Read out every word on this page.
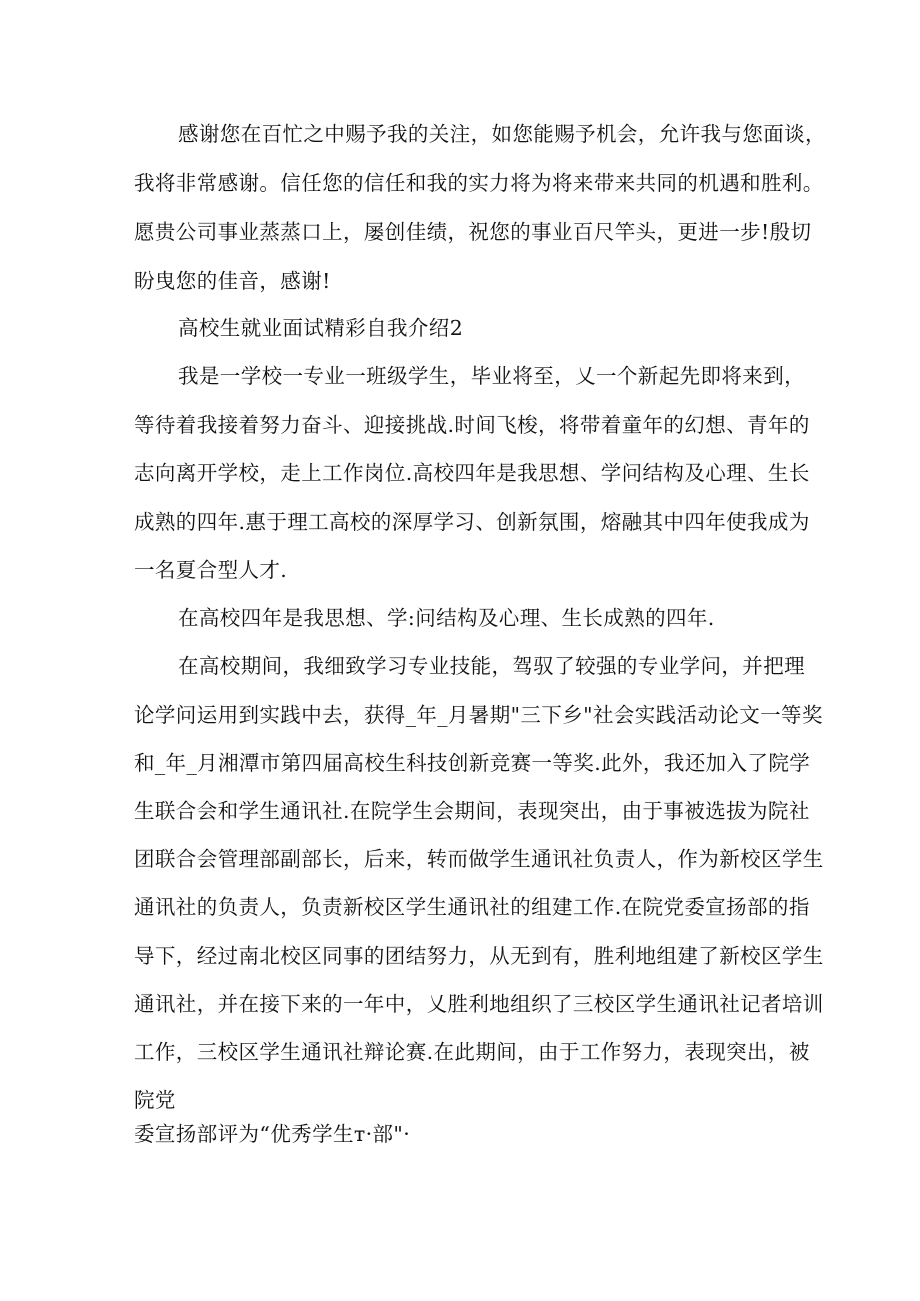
感谢您在百忙之中赐予我的关注，如您能赐予机会，允许我与您面谈，
我将非常感谢。信任您的信任和我的实力将为将来带来共同的机遇和胜利。
愿贵公司事业蒸蒸口上，屡创佳绩，祝您的事业百尺竿头，更进一步!殷切
盼曳您的佳音，感谢!
高校生就业面试精彩自我介绍2
我是一学校一专业一班级学生，毕业将至，乂一个新起先即将来到，
等待着我接着努力奋斗、迎接挑战.时间飞梭，将带着童年的幻想、青年的
志向离开学校，走上工作岗位.高校四年是我思想、学问结构及心理、生长
成熟的四年.惠于理工高校的深厚学习、创新氛围，熔融其中四年使我成为
一名夏合型人才.
在高校四年是我思想、学:问结构及心理、生长成熟的四年.
在高校期间，我细致学习专业技能，驾驭了较强的专业学问，并把理
论学问运用到实践中去，获得_年_月暑期"三下乡"社会实践活动论文一等奖
和_年_月湘潭市第四届高校生科技创新竞赛一等奖.此外，我还加入了院学
生联合会和学生通讯社.在院学生会期间，表现突出，由于事被选拔为院社
团联合会管理部副部长，后来，转而做学生通讯社负责人，作为新校区学生
通讯社的负责人，负责新校区学生通讯社的组建工作.在院党委宣扬部的指
导下，经过南北校区同事的团结努力，从无到有，胜利地组建了新校区学生
通讯社，并在接下来的一年中，乂胜利地组织了三校区学生通讯社记者培训
工作，三校区学生通讯社辩论赛.在此期间，由于工作努力，表现突出，被
院党
委宣扬部评为“优秀学生т·部"·
